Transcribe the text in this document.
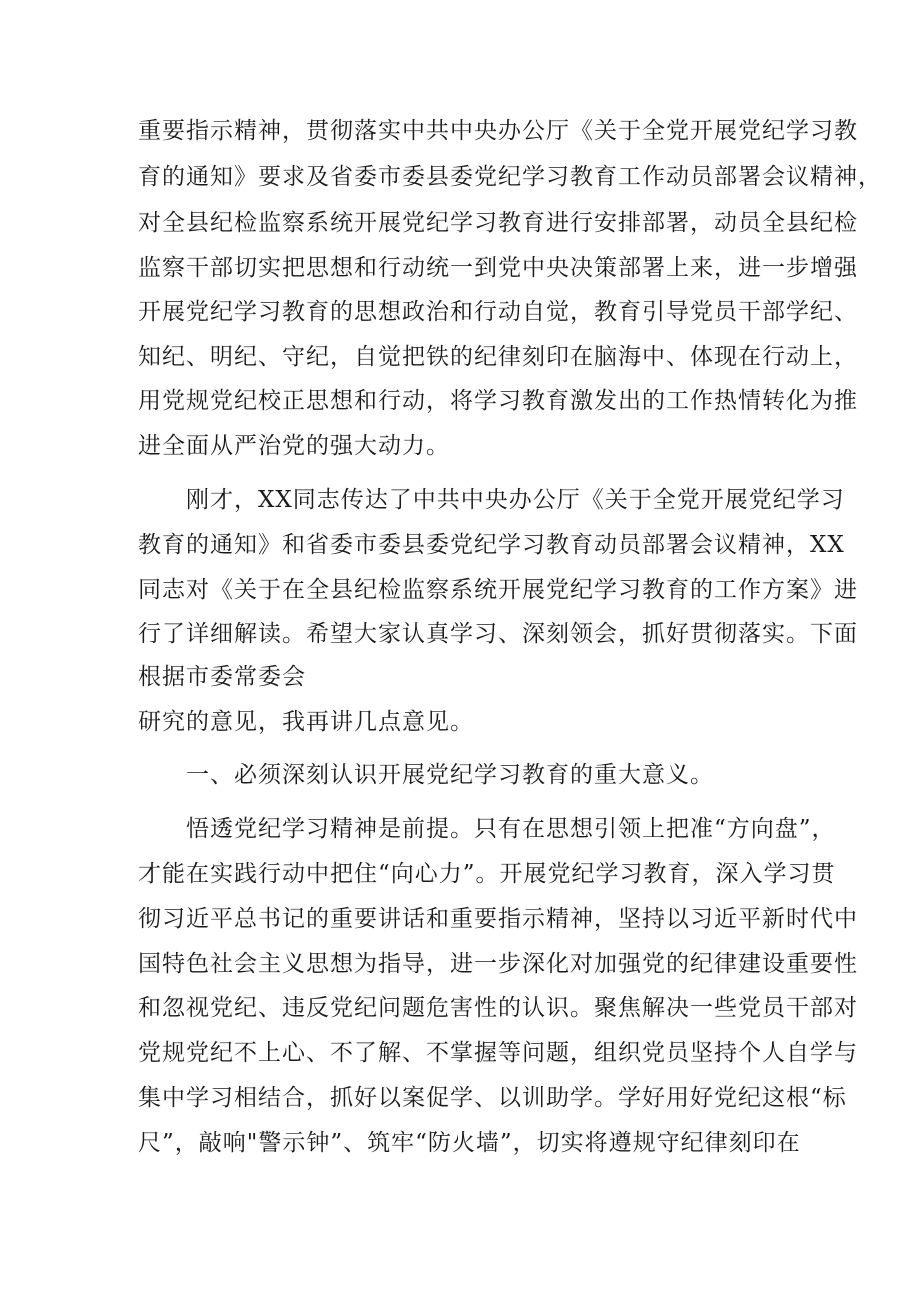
重要指示精神，贯彻落实中共中央办公厅《关于全党开展党纪学习教
育的通知》要求及省委市委县委党纪学习教育工作动员部署会议精神，
对全县纪检监察系统开展党纪学习教育进行安排部署，动员全县纪检
监察干部切实把思想和行动统一到党中央决策部署上来，进一步增强
开展党纪学习教育的思想政治和行动自觉，教育引导党员干部学纪、
知纪、明纪、守纪，自觉把铁的纪律刻印在脑海中、体现在行动上，
用党规党纪校正思想和行动，将学习教育激发出的工作热情转化为推
进全面从严治党的强大动力。
刚才，XX同志传达了中共中央办公厅《关于全党开展党纪学习
教育的通知》和省委市委县委党纪学习教育动员部署会议精神，XX
同志对《关于在全县纪检监察系统开展党纪学习教育的工作方案》进
行了详细解读。希望大家认真学习、深刻领会，抓好贯彻落实。下面
根据市委常委会
研究的意见，我再讲几点意见。
一、必须深刻认识开展党纪学习教育的重大意义。
悟透党纪学习精神是前提。只有在思想引领上把准“方向盘”，
才能在实践行动中把住“向心力”。开展党纪学习教育，深入学习贯
彻习近平总书记的重要讲话和重要指示精神，坚持以习近平新时代中
国特色社会主义思想为指导，进一步深化对加强党的纪律建设重要性
和忽视党纪、违反党纪问题危害性的认识。聚焦解决一些党员干部对
党规党纪不上心、不了解、不掌握等问题，组织党员坚持个人自学与
集中学习相结合，抓好以案促学、以训助学。学好用好党纪这根“标
尺”，敲响"警示钟”、筑牢“防火墙”，切实将遵规守纪律刻印在
